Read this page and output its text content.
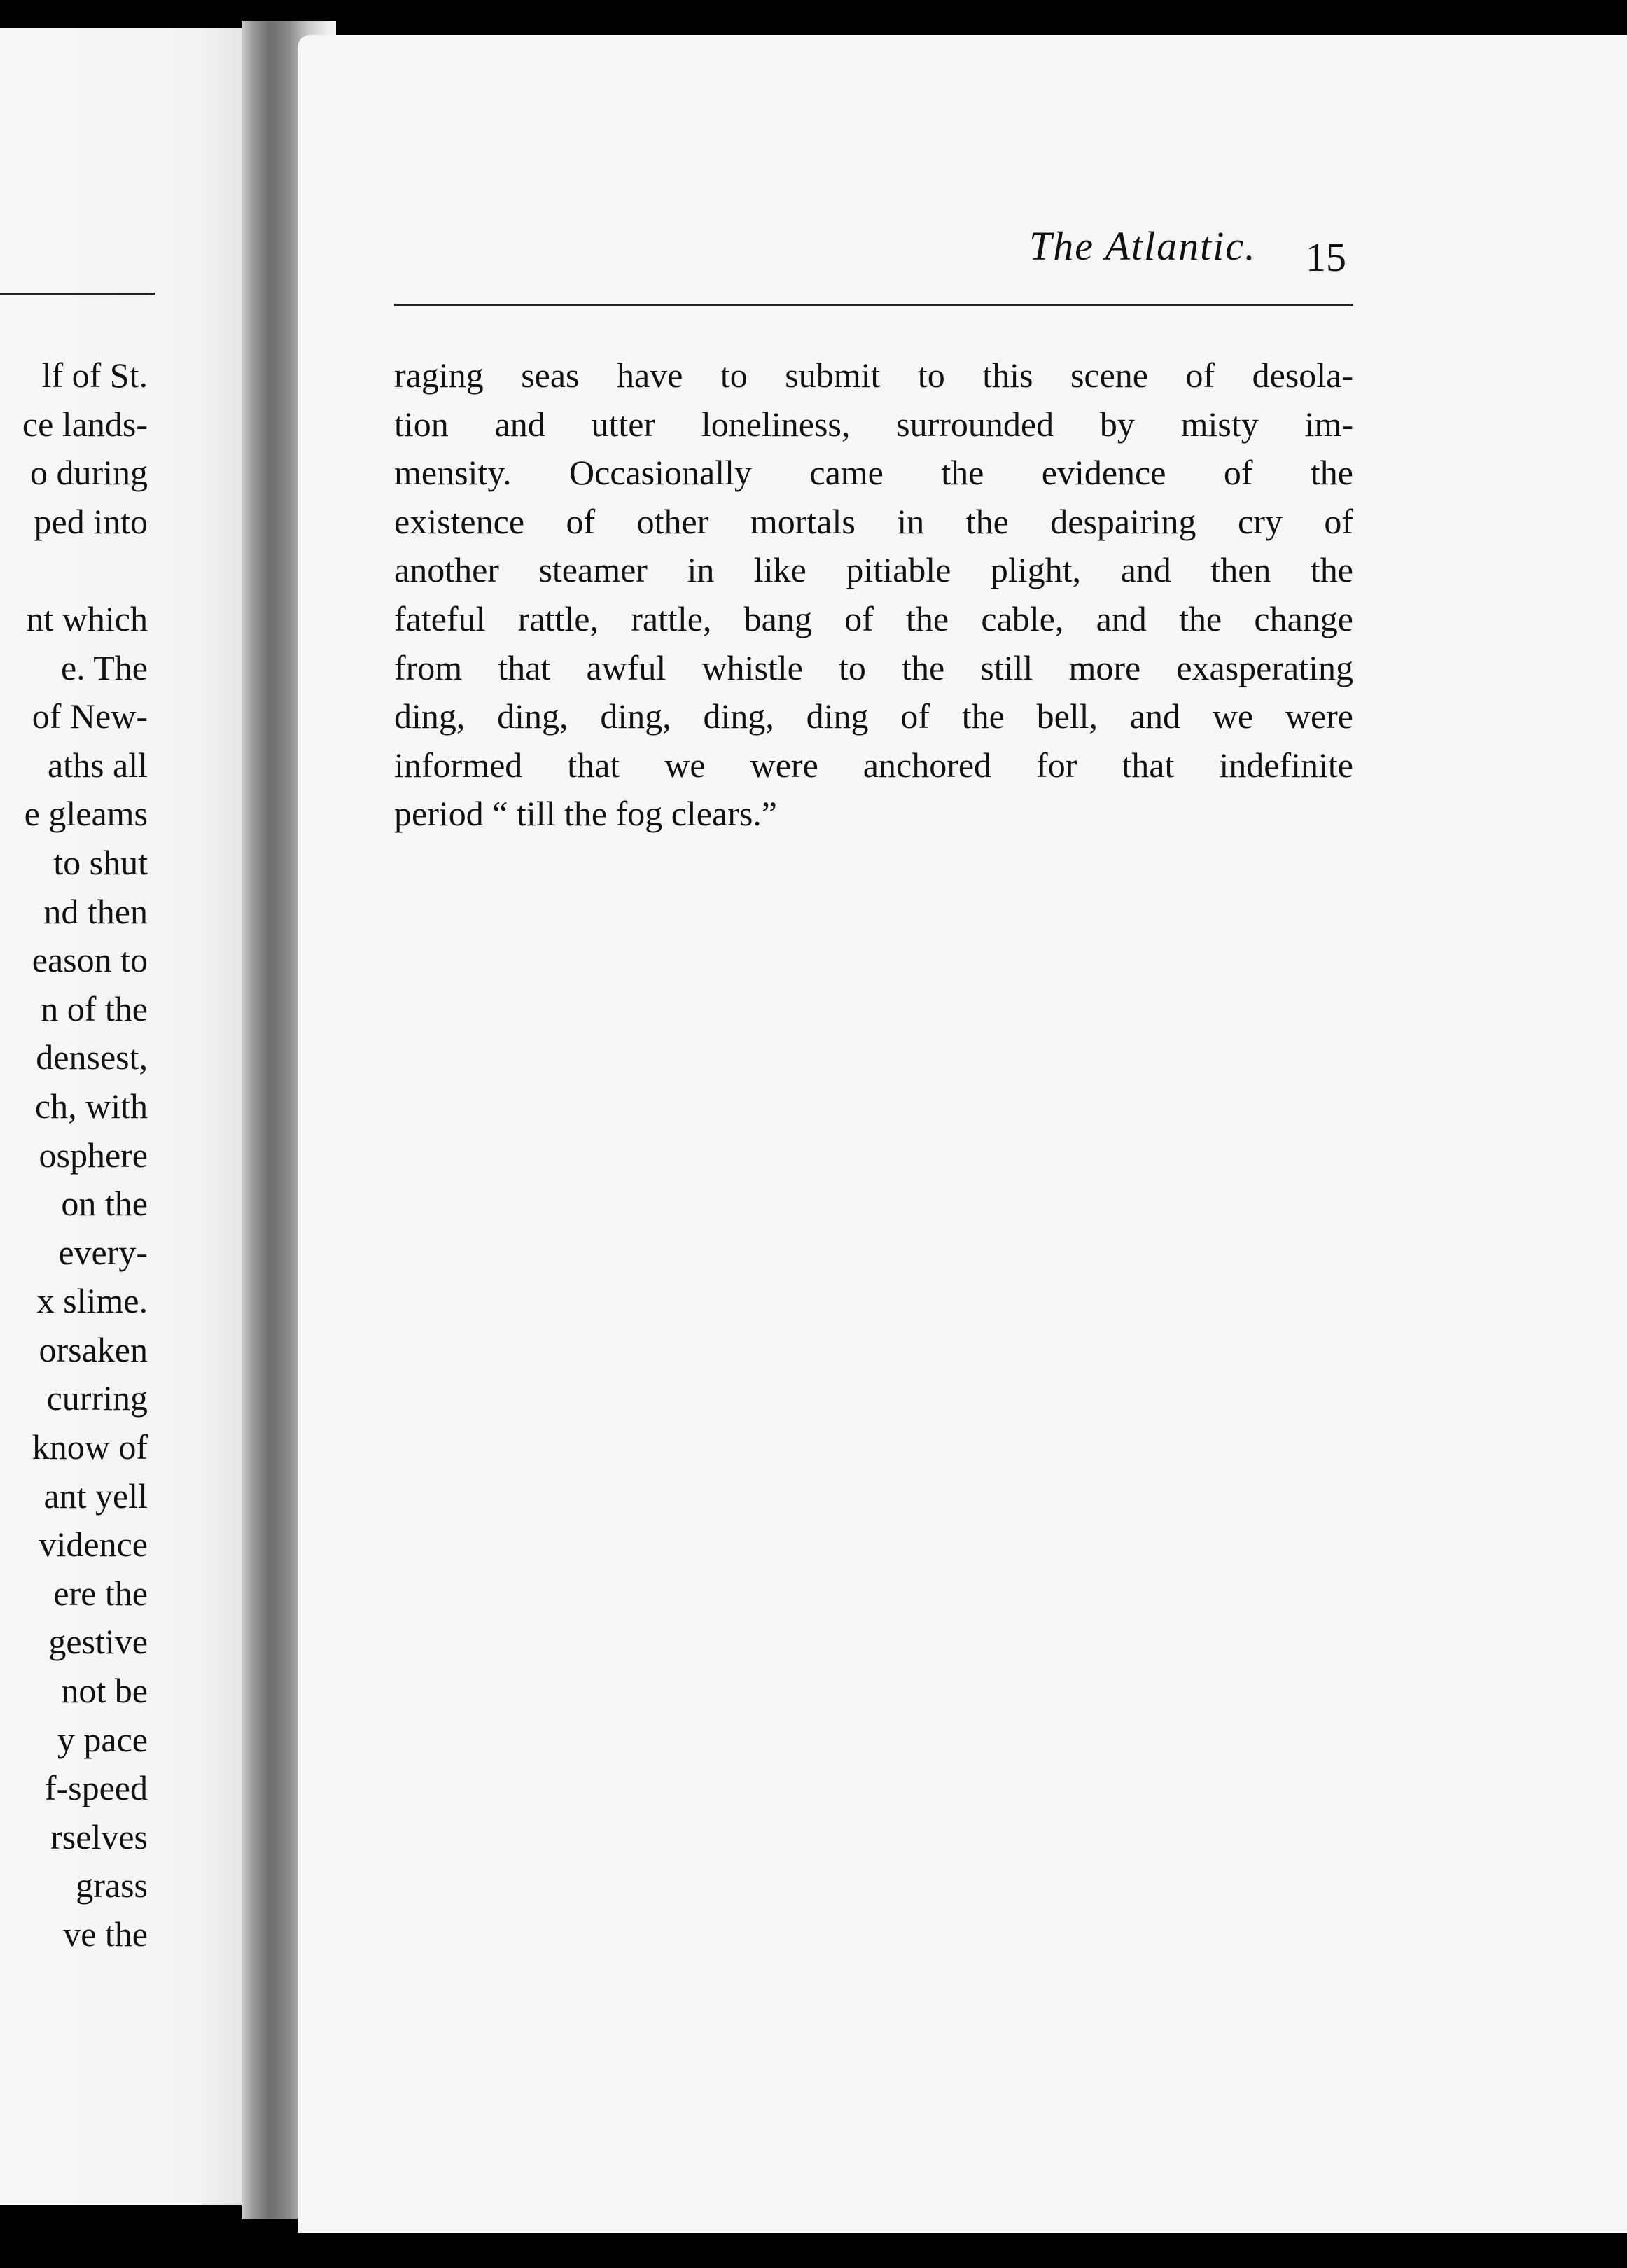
lf of St.
ce lands-
o during
ped into

nt which
e. The
of New-
aths all
e gleams
to shut
nd then
eason to
n of the
densest,
ch, with
osphere
on the
every-
x slime.
orsaken
curring
know of
ant yell
vidence
ere the
gestive
not be
y pace
f-speed
rselves
grass
ve the
The Atlantic. 15
raging seas have to submit to this scene of desola-
tion and utter loneliness, surrounded by misty im-
mensity. Occasionally came the evidence of the
existence of other mortals in the despairing cry of
another steamer in like pitiable plight, and then the
fateful rattle, rattle, bang of the cable, and the change
from that awful whistle to the still more exasperating
ding, ding, ding, ding, ding of the bell, and we were
informed that we were anchored for that indefinite
period “ till the fog clears.”
